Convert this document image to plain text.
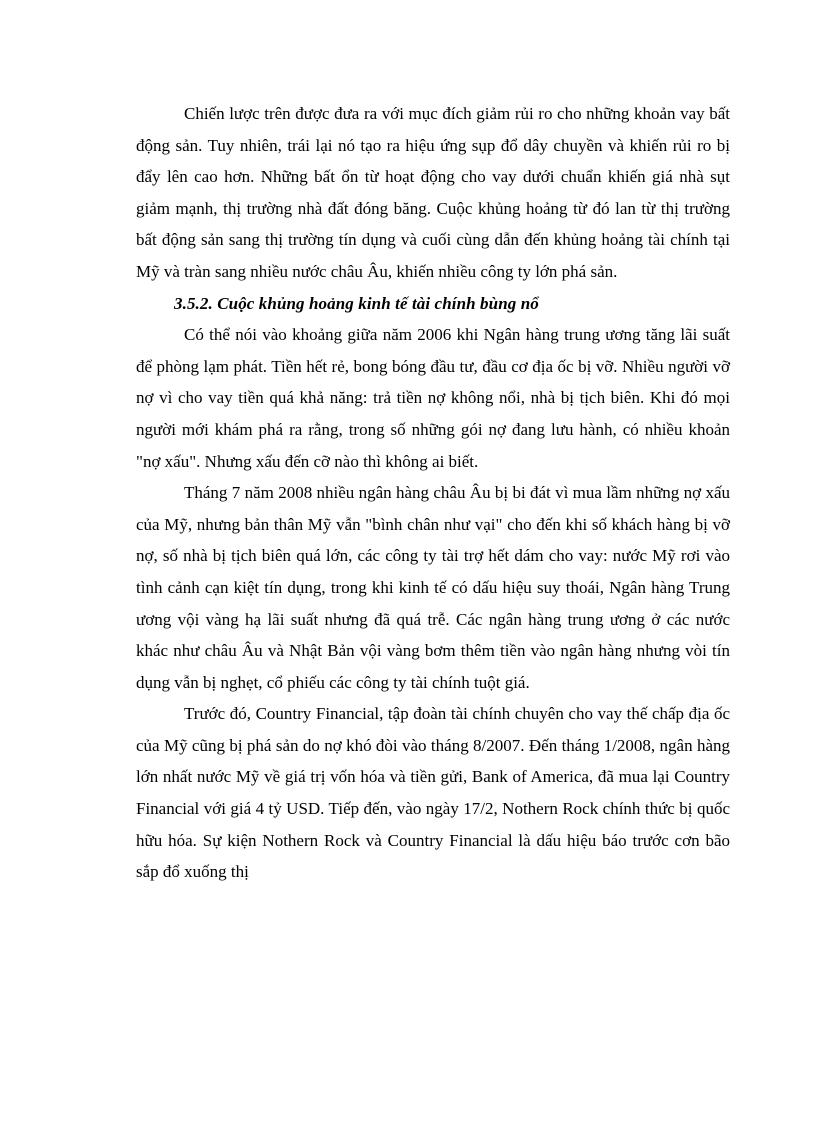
Chiến lược trên được đưa ra với mục đích giảm rủi ro cho những khoản vay bất động sản. Tuy nhiên, trái lại nó tạo ra hiệu ứng sụp đổ dây chuyền và khiến rủi ro bị đẩy lên cao hơn. Những bất ổn từ hoạt động cho vay dưới chuẩn khiến giá nhà sụt giảm mạnh, thị trường nhà đất đóng băng. Cuộc khủng hoảng từ đó lan từ thị trường bất động sản sang thị trường tín dụng và cuối cùng dẫn đến khủng hoảng tài chính tại Mỹ và tràn sang nhiều nước châu Âu, khiến nhiều công ty lớn phá sản.

3.5.2. Cuộc khủng hoảng kinh tế tài chính bùng nổ

Có thể nói vào khoảng giữa năm 2006 khi Ngân hàng trung ương tăng lãi suất để phòng lạm phát. Tiền hết rẻ, bong bóng đầu tư, đầu cơ địa ốc bị vỡ. Nhiều người vỡ nợ vì cho vay tiền quá khả năng: trả tiền nợ không nổi, nhà bị tịch biên. Khi đó mọi người mới khám phá ra rằng, trong số những gói nợ đang lưu hành, có nhiều khoản "nợ xấu". Nhưng xấu đến cỡ nào thì không ai biết.

Tháng 7 năm 2008 nhiều ngân hàng châu Âu bị bi đát vì mua lầm những nợ xấu của Mỹ, nhưng bản thân Mỹ vẫn "bình chân như vại" cho đến khi số khách hàng bị vỡ nợ, số nhà bị tịch biên quá lớn, các công ty tài trợ hết dám cho vay: nước Mỹ rơi vào tình cảnh cạn kiệt tín dụng, trong khi kinh tế có dấu hiệu suy thoái, Ngân hàng Trung ương vội vàng hạ lãi suất nhưng đã quá trễ. Các ngân hàng trung ương ở các nước khác như châu Âu và Nhật Bản vội vàng bơm thêm tiền vào ngân hàng nhưng vòi tín dụng vẫn bị nghẹt, cổ phiếu các công ty tài chính tuột giá.

Trước đó, Country Financial, tập đoàn tài chính chuyên cho vay thế chấp địa ốc của Mỹ cũng bị phá sản do nợ khó đòi vào tháng 8/2007. Đến tháng 1/2008, ngân hàng lớn nhất nước Mỹ về giá trị vốn hóa và tiền gửi, Bank of America, đã mua lại Country Financial với giá 4 tỷ USD. Tiếp đến, vào ngày 17/2, Nothern Rock chính thức bị quốc hữu hóa. Sự kiện Nothern Rock và Country Financial là dấu hiệu báo trước cơn bão sắp đổ xuống thị
